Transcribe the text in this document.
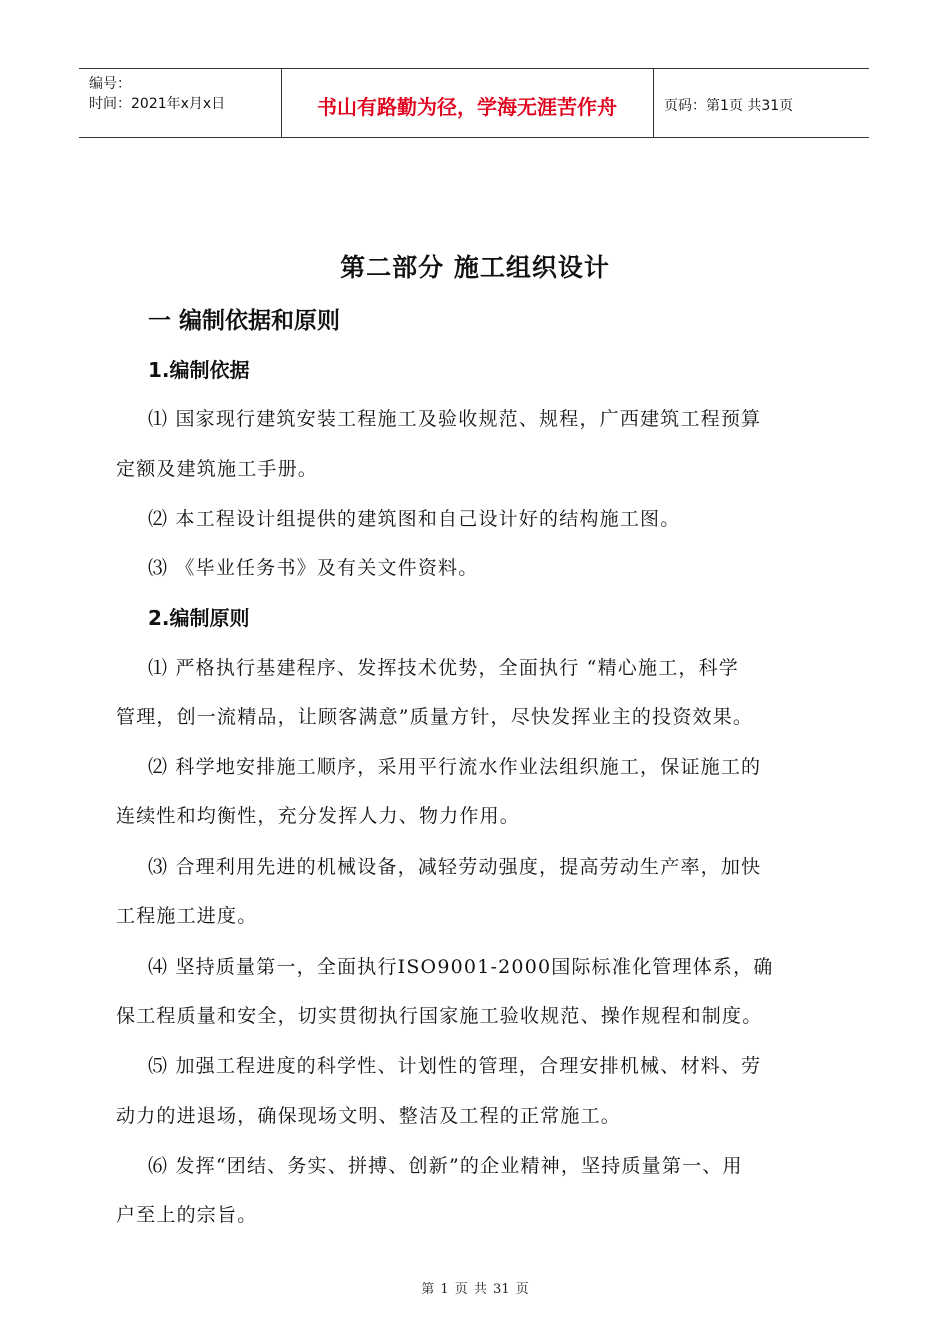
编号：
时间：2021年x月x日	书山有路勤为径，学海无涯苦作舟	页码：第1页 共31页
第二部分 施工组织设计
一 编制依据和原则
1.编制依据
⑴ 国家现行建筑安装工程施工及验收规范、规程，广西建筑工程预算
定额及建筑施工手册。
⑵ 本工程设计组提供的建筑图和自己设计好的结构施工图。
⑶ 《毕业任务书》及有关文件资料。
2.编制原则
⑴ 严格执行基建程序、发挥技术优势，全面执行 “精心施工，科学
管理，创一流精品，让顾客满意”质量方针，尽快发挥业主的投资效果。
⑵ 科学地安排施工顺序，采用平行流水作业法组织施工，保证施工的
连续性和均衡性，充分发挥人力、物力作用。
⑶ 合理利用先进的机械设备，减轻劳动强度，提高劳动生产率，加快
工程施工进度。
⑷ 坚持质量第一，全面执行ISO9001-2000国际标准化管理体系，确
保工程质量和安全，切实贯彻执行国家施工验收规范、操作规程和制度。
⑸ 加强工程进度的科学性、计划性的管理，合理安排机械、材料、劳
动力的进退场，确保现场文明、整洁及工程的正常施工。
⑹ 发挥“团结、务实、拼搏、创新”的企业精神，坚持质量第一、用
户至上的宗旨。
第 1 页 共 31 页
